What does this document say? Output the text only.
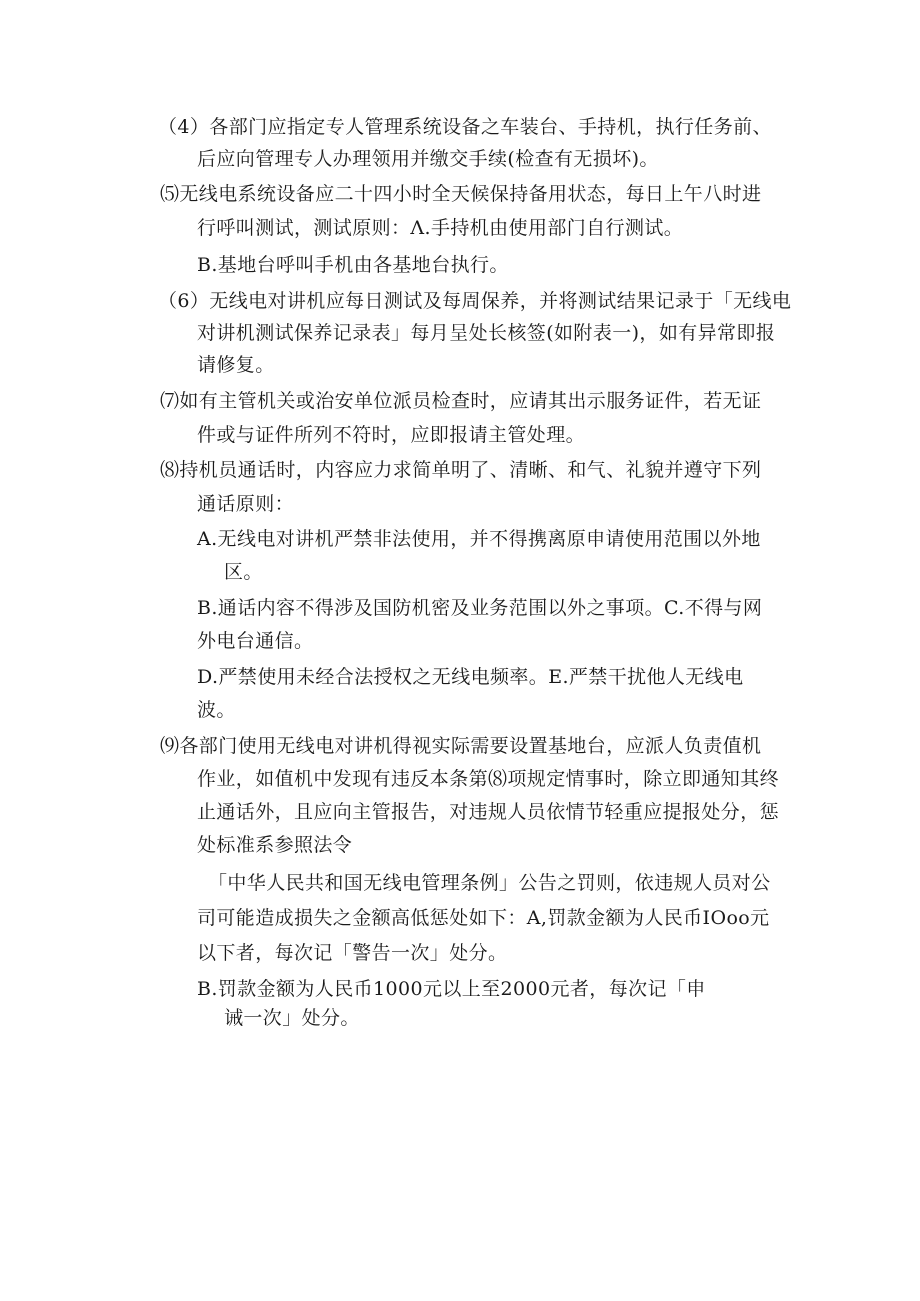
（4）各部门应指定专人管理系统设备之车装台、手持机，执行任务前、
后应向管理专人办理领用并缴交手续(检查有无损坏)。
⑸无线电系统设备应二十四小时全天候保持备用状态，每日上午八时进
行呼叫测试，测试原则：Λ.手持机由使用部门自行测试。
B.基地台呼叫手机由各基地台执行。
（6）无线电对讲机应每日测试及每周保养，并将测试结果记录于「无线电
对讲机测试保养记录表」每月呈处长核签(如附表一)，如有异常即报
请修复。
⑺如有主管机关或治安单位派员检查时，应请其出示服务证件，若无证
件或与证件所列不符时，应即报请主管处理。
⑻持机员通话时，内容应力求简单明了、清晰、和气、礼貌并遵守下列
通话原则：
A.无线电对讲机严禁非法使用，并不得携离原申请使用范围以外地
区。
B.通话内容不得涉及国防机密及业务范围以外之事项。C.不得与网
外电台通信。
D.严禁使用未经合法授权之无线电频率。E.严禁干扰他人无线电
波。
⑼各部门使用无线电对讲机得视实际需要设置基地台，应派人负责值机
作业，如值机中发现有违反本条第⑻项规定情事时，除立即通知其终
止通话外，且应向主管报告，对违规人员依情节轻重应提报处分，惩
处标准系参照法令
「中华人民共和国无线电管理条例」公告之罚则，依违规人员对公
司可能造成损失之金额高低惩处如下：A,罚款金额为人民币IOoo元
以下者，每次记「警告一次」处分。
B.罚款金额为人民币1000元以上至2000元者，每次记「申
诫一次」处分。
